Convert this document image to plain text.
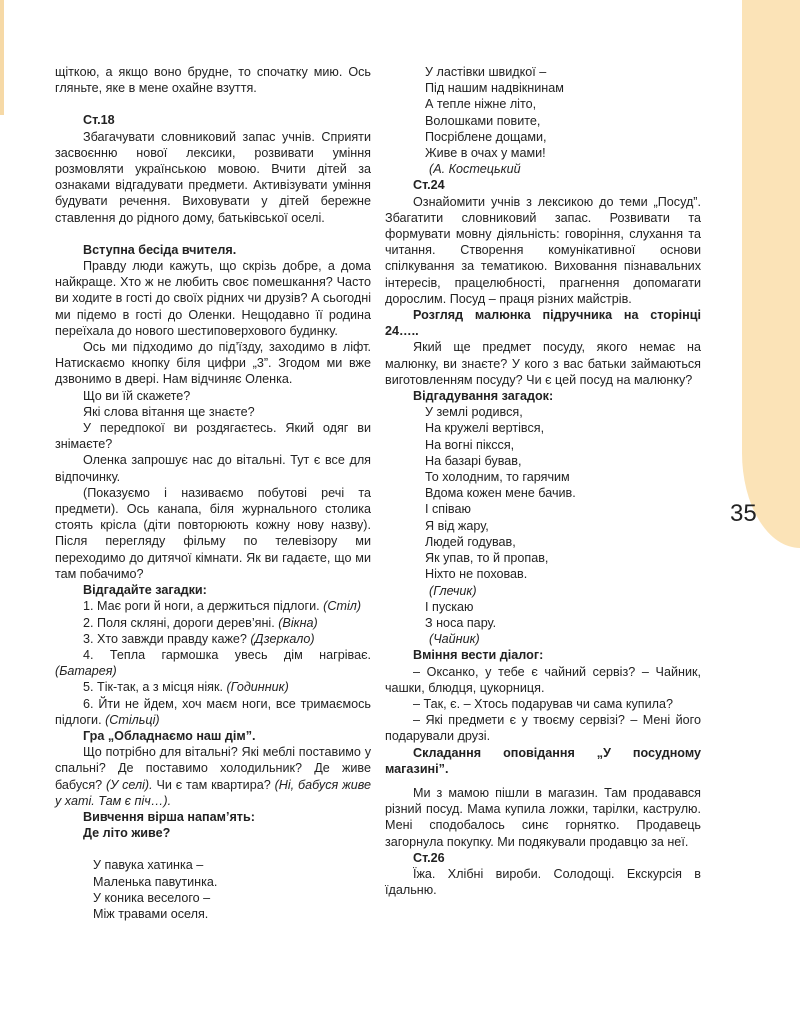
35

щіткою, а якщо воно брудне, то спочатку мию. Ось гляньте, яке в мене охайне взуття.

Ст.18

Збагачувати словниковий запас учнів. Сприяти засвоєнню нової лексики, розвивати уміння розмовляти українською мовою. Вчити дітей за ознаками відгадувати предмети. Активізувати уміння будувати речення. Виховувати у дітей бережне ставлення до рідного дому, батьківської оселі.

Вступна бесіда вчителя.

Правду люди кажуть, що скрізь добре, а дома найкраще. Хто ж не любить своє помешкання? Часто ви ходите в гості до своїх рідних чи друзів? А сьогодні ми підемо в гості до Оленки. Нещодавно її родина переїхала до нового шестиповерхового будинку.

Ось ми підходимо до під’їзду, заходимо в ліфт. Натискаємо кнопку біля цифри „3”. Згодом ми вже дзвонимо в двері. Нам відчиняє Оленка.

Що ви їй скажете?

Які слова вітання ще знаєте?

У передпокої ви роздягаєтесь. Який одяг ви знімаєте?

Оленка запрошує нас до вітальні. Тут є все для відпочинку.

(Показуємо і називаємо побутові речі та предмети). Ось канапа, біля журнального столика стоять крісла (діти повторюють кожну нову назву). Після перегляду фільму по телевізору ми переходимо до дитячої кімнати. Як ви гадаєте, що ми там побачимо?

Відгадайте загадки:

1. Має роги й ноги, а держиться підлоги. (Стіл)

2. Поля скляні, дороги дерев’яні. (Вікна)

3. Хто завжди правду каже? (Дзеркало)

4. Тепла гармошка увесь дім нагріває. (Батарея)

5. Тік-так, а з місця ніяк. (Годинник)

6. Йти не йдем, хоч маєм ноги, все тримаємось підлоги. (Стільці)

Гра „Обладнаємо наш дім”.

Що потрібно для вітальні? Які меблі поставимо у спальні? Де поставимо холодильник? Де живе бабуся? (У селі). Чи є там квартира? (Ні, бабуся живе у хаті. Там є піч…).

Вивчення вірша напам’ять:

Де літо живе?

У павука хатинка –
Маленька павутинка.
У коника веселого –
Між травами оселя.
У ластівки швидкої –
Під нашим надвікнинам
А тепле ніжне літо,
Волошками повите,
Посріблене дощами,
Живе в очах у мами!
(А. Костецький

Ст.24

Ознайомити учнів з лексикою до теми „Посуд”. Збагатити словниковий запас. Розвивати та формувати мовну діяльність: говоріння, слухання та читання. Створення комунікативної основи спілкування за тематикою. Виховання пізнавальних інтересів, працелюбності, прагнення допомагати дорослим. Посуд – праця різних майстрів.

Розгляд малюнка підручника на сторінці 24…..

Який ще предмет посуду, якого немає на малюнку, ви знаєте? У кого з вас батьки займаються виготовленням посуду? Чи є цей посуд на малюнку?

Відгадування загадок:

У землі родився,
На кружелі вертівся,
На вогні піксся,
На базарі бував,
То холодним, то гарячим
Вдома кожен мене бачив.
І співаю
Я від жару,
Людей годував,
Як упав, то й пропав,
Ніхто не поховав.
(Глечик)
І пускаю
З носа пару.
(Чайник)

Вміння вести діалог:

– Оксанко, у тебе є чайний сервіз? – Чайник, чашки, блюдця, цукорниця.

– Так, є. – Хтось подарував чи сама купила?

– Які предмети є у твоєму сервізі? – Мені його подарували друзі.

Складання оповідання „У посудному магазині”.

Ми з мамою пішли в магазин. Там продавався різний посуд. Мама купила ложки, тарілки, каструлю. Мені сподобалось синє горнятко. Продавець загорнула покупку. Ми подякували продавцю за неї.

Ст.26

Їжа. Хлібні вироби. Солодощі. Екскурсія в їдальню.
